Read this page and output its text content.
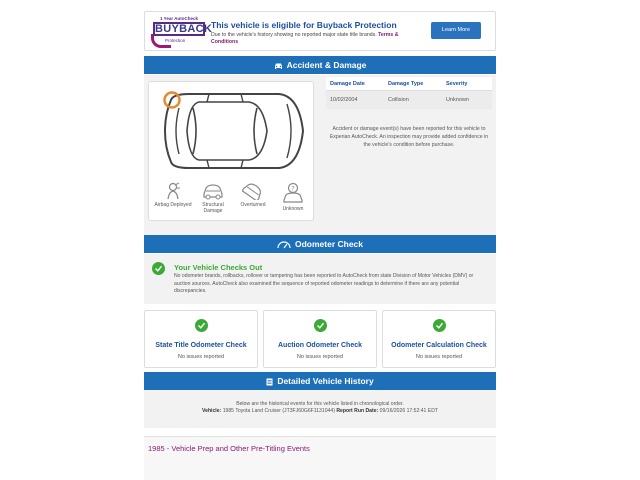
1 Year AutoCheck
BUYBACK
Protection
This vehicle is eligible for Buyback Protection
Due to the vehicle's history showing no reported major state title brands. Terms & Conditions
Learn More
Accident & Damage
Airbag Deployed	Structural Damage
Overturned
?
Unknown
Damage Date	Damage Type	Severity
10/02/2004	Collision	Unknown
Accident or damage event(s) have been reported for this vehicle to Experian AutoCheck. An inspection may provide added confidence in the vehicle's condition before purchase.
Odometer Check
Your Vehicle Checks Out
No odometer brands, rollbacks, rollover or tampering has been reported to AutoCheck from state Division of Motor Vehicles (DMV) or auction sources. AutoCheck also examined the sequence of reported odometer readings to determine if there are any potential discrepancies.
State Title Odometer Check
No issues reported
Auction Odometer Check
No issues reported
Odometer Calculation Check
No issues reported
Detailed Vehicle History
Below are the historical events for this vehicle listed in chronological order.
Vehicle: 1985 Toyota Land Cruiser (JT3FJ60G6F1131044) Report Run Date: 09/16/2026 17:52:41 EDT
1985 - Vehicle Prep and Other Pre-Titling Events
